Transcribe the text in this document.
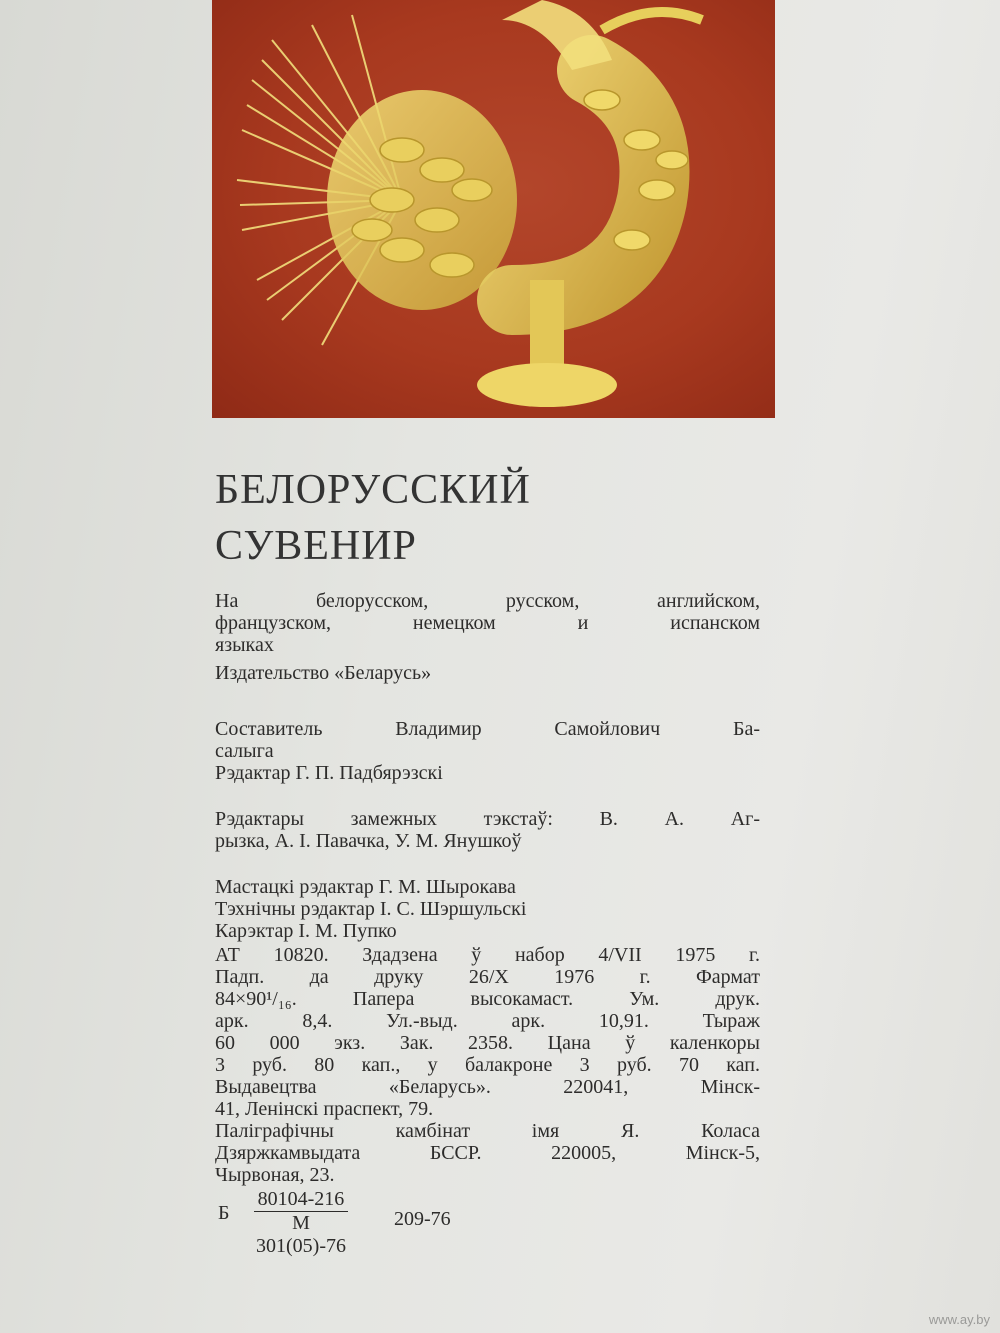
БЕЛОРУССКИЙ
СУВЕНИР
На белорусском, русском, английском,
французском, немецком и испанском
языках
Издательство «Беларусь»
Составитель Владимир Самойлович Ба-
салыга
Рэдактар Г. П. Падбярэзскі
Рэдактары замежных тэкстаў: В. А. Аг-
рызка, А. І. Павачка, У. М. Янушкоў
Мастацкі рэдактар Г. М. Шырокава
Тэхнічны рэдактар І. С. Шэршульскі
Карэктар І. М. Пупко
АТ 10820. Здадзена ў набор 4/VII 1975 г.
Падп. да друку 26/X 1976 г. Фармат
84×90¹/₁₆. Папера высокамаст. Ум. друк.
арк. 8,4. Ул.-выд. арк. 10,91. Тыраж
60 000 экз. Зак. 2358. Цана ў каленкоры
3 руб. 80 кап., у балакроне 3 руб. 70 кап.
Выдавецтва «Беларусь». 220041, Мінск-
41, Ленінскі праспект, 79.
Паліграфічны камбінат імя Я. Коласа
Дзяржкамвыдата БССР. 220005, Мінск-5,
Чырвоная, 23.
Б
80104-216
М 301(05)-76
209-76
www.ay.by
